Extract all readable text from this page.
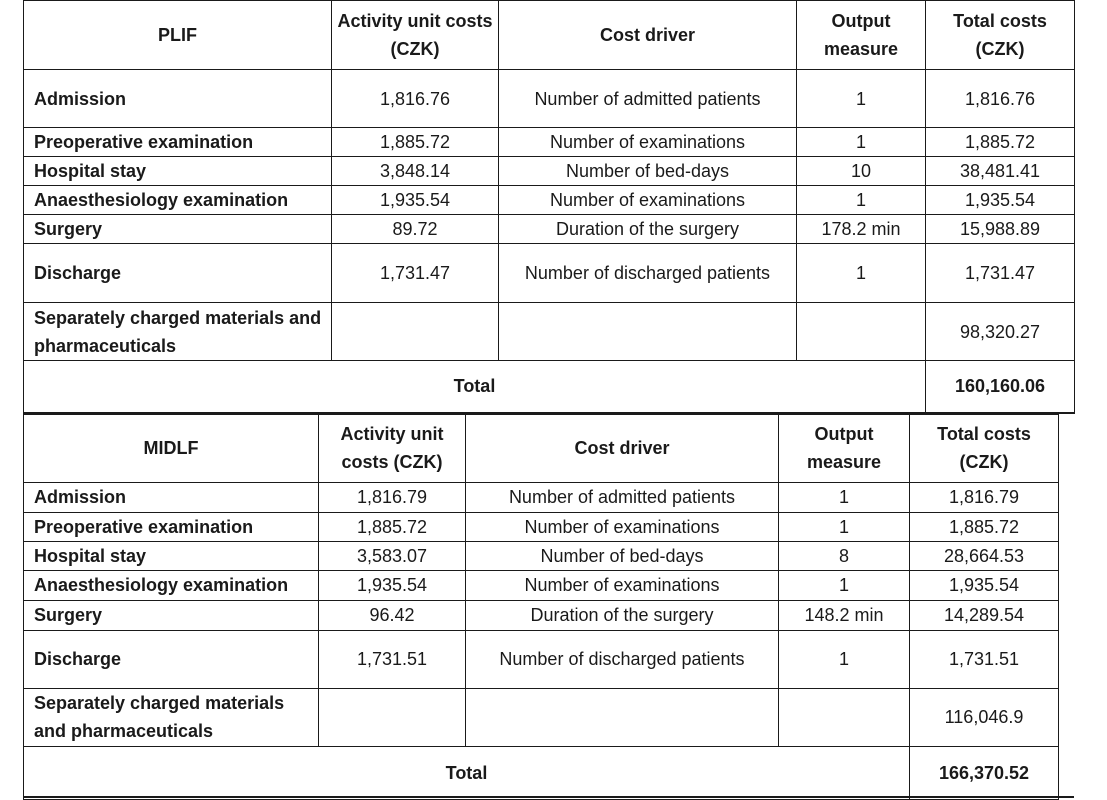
PLIF	Activity unit costs (CZK)	Cost driver	Output measure	Total costs (CZK)
Admission	1,816.76	Number of admitted patients	1	1,816.76
Preoperative examination	1,885.72	Number of examinations	1	1,885.72
Hospital stay	3,848.14	Number of bed-days	10	38,481.41
Anaesthesiology examination	1,935.54	Number of examinations	1	1,935.54
Surgery	89.72	Duration of the surgery	178.2 min	15,988.89
Discharge	1,731.47	Number of discharged patients	1	1,731.47
Separately charged materials and pharmaceuticals				98,320.27
Total				160,160.06
MIDLF	Activity unit costs (CZK)	Cost driver	Output measure	Total costs (CZK)
Admission	1,816.79	Number of admitted patients	1	1,816.79
Preoperative examination	1,885.72	Number of examinations	1	1,885.72
Hospital stay	3,583.07	Number of bed-days	8	28,664.53
Anaesthesiology examination	1,935.54	Number of examinations	1	1,935.54
Surgery	96.42	Duration of the surgery	148.2 min	14,289.54
Discharge	1,731.51	Number of discharged patients	1	1,731.51
Separately charged materials and pharmaceuticals				116,046.9
Total				166,370.52
